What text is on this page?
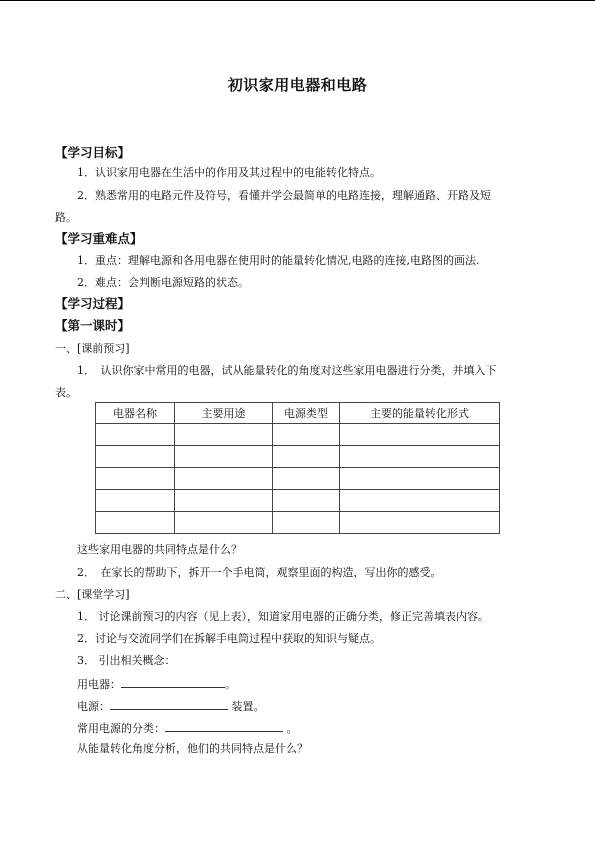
初识家用电器和电路
【学习目标】
1．认识家用电器在生活中的作用及其过程中的电能转化特点。
2．熟悉常用的电路元件及符号，看懂并学会最简单的电路连接，理解通路、开路及短
路。
【学习重难点】
1．重点：理解电源和各用电器在使用时的能量转化情况,电路的连接,电路图的画法.
2．难点：会判断电源短路的状态。
【学习过程】
【第一课时】
一、[课前预习]
1．　认识你家中常用的电器，试从能量转化的角度对这些家用电器进行分类，并填入下
表。
电器名称	主要用途	电源类型	主要的能量转化形式

这些家用电器的共同特点是什么？
2．　在家长的帮助下，拆开一个手电筒，观察里面的构造，写出你的感受。
二、[课堂学习]
1． 讨论课前预习的内容（见上表），知道家用电器的正确分类，修正完善填表内容。
2．讨论与交流同学们在拆解手电筒过程中获取的知识与疑点。
3． 引出相关概念：
用电器：	。
电源：	装置。
常用电源的分类：	。
从能量转化角度分析，他们的共同特点是什么？
